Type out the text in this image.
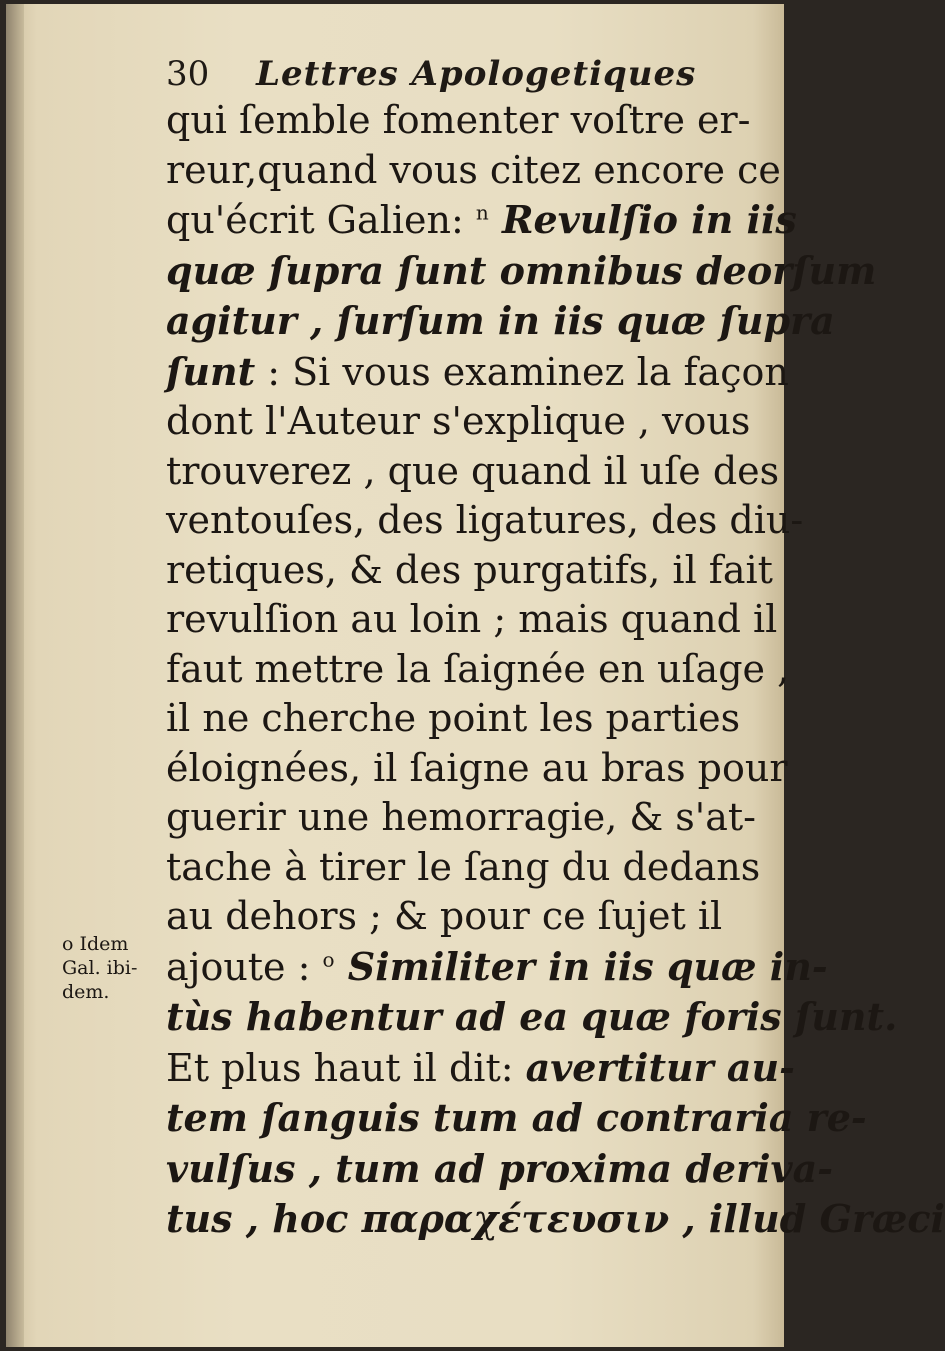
30 Lettres Apologetiques
qui ſemble fomenter voſtre er-
reur,quand vous citez encore ce
qu'écrit Galien: $^n$ Revulſio in iis
quæ ſupra ſunt omnibus deorſum
agitur , ſurſum in iis quæ ſupra
ſunt : Si vous examinez la façon
dont l'Auteur s'explique , vous
trouverez , que quand il uſe des
ventouſes, des ligatures, des diu-
retiques, & des purgatifs, il fait
revulſion au loin ; mais quand il
faut mettre la ſaignée en uſage ,
il ne cherche point les parties
éloignées, il ſaigne au bras pour
guerir une hemorragie, & s'at-
tache à tirer le ſang du dedans
au dehors ; & pour ce ſujet il
ajoute : $^o$ Similiter in iis quæ in-
tùs habentur ad ea quæ foris ſunt.
Et plus haut il dit: avertitur au-
tem ſanguis tum ad contraria re-
vulſus , tum ad proxima deriva-
tus , hoc παραχέτευσιν , illud Græci
o Idem
Gal. ibi-
dem.
